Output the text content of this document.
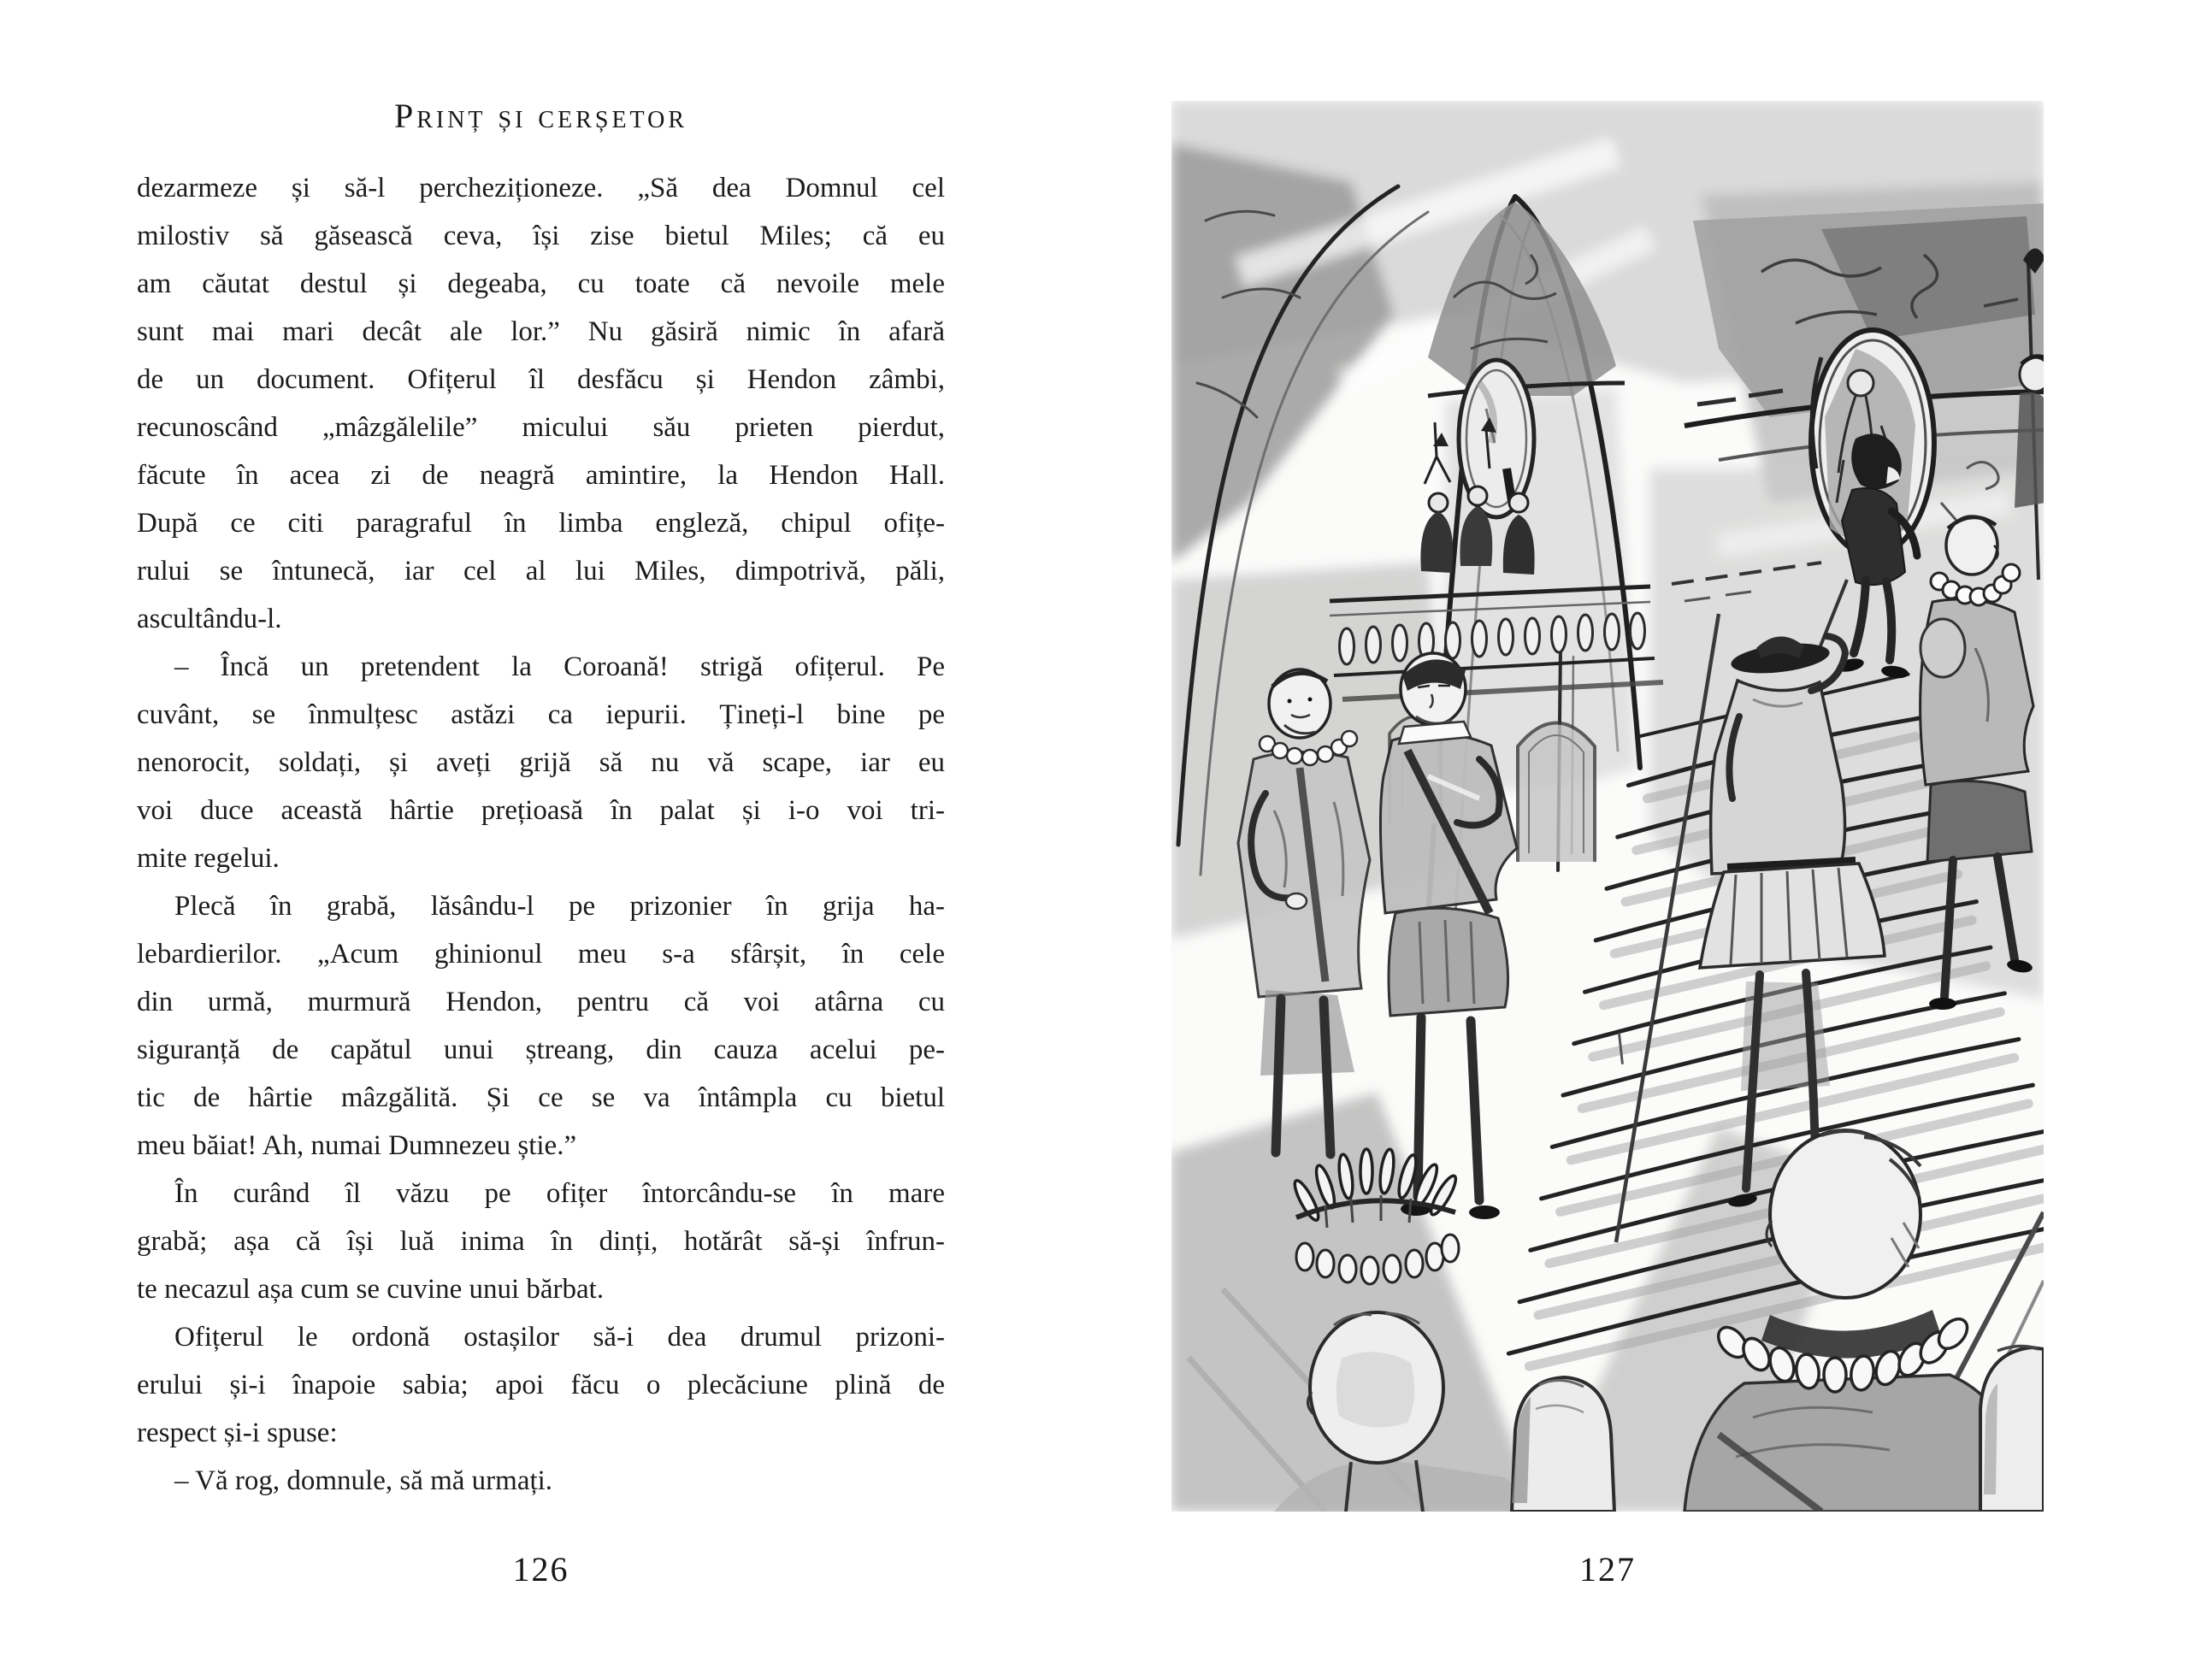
Prinț și cerșetor
dezarmeze și să-l percheziționeze. „Să dea Domnul cel
milostiv să găsească ceva, își zise bietul Miles; că eu
am căutat destul și degeaba, cu toate că nevoile mele
sunt mai mari decât ale lor.” Nu găsiră nimic în afară
de un document. Ofițerul îl desfăcu și Hendon zâmbi,
recunoscând „mâzgălelile” micului său prieten pierdut,
făcute în acea zi de neagră amintire, la Hendon Hall.
După ce citi paragraful în limba engleză, chipul ofițe-
rului se întunecă, iar cel al lui Miles, dimpotrivă, păli,
ascultându-l.
– Încă un pretendent la Coroană! strigă ofițerul. Pe
cuvânt, se înmulțesc astăzi ca iepurii. Țineți-l bine pe
nenorocit, soldați, și aveți grijă să nu vă scape, iar eu
voi duce această hârtie prețioasă în palat și i-o voi tri-
mite regelui.
Plecă în grabă, lăsându-l pe prizonier în grija ha-
lebardierilor. „Acum ghinionul meu s-a sfârșit, în cele
din urmă, murmură Hendon, pentru că voi atârna cu
siguranță de capătul unui ștreang, din cauza acelui pe-
tic de hârtie mâzgălită. Și ce se va întâmpla cu bietul
meu băiat! Ah, numai Dumnezeu știe.”
În curând îl văzu pe ofițer întorcându-se în mare
grabă; așa că își luă inima în dinți, hotărât să-și înfrun-
te necazul așa cum se cuvine unui bărbat.
Ofițerul le ordonă ostașilor să-i dea drumul prizoni-
erului și-i înapoie sabia; apoi făcu o plecăciune plină de
respect și-i spuse:
– Vă rog, domnule, să mă urmați.
126	127
